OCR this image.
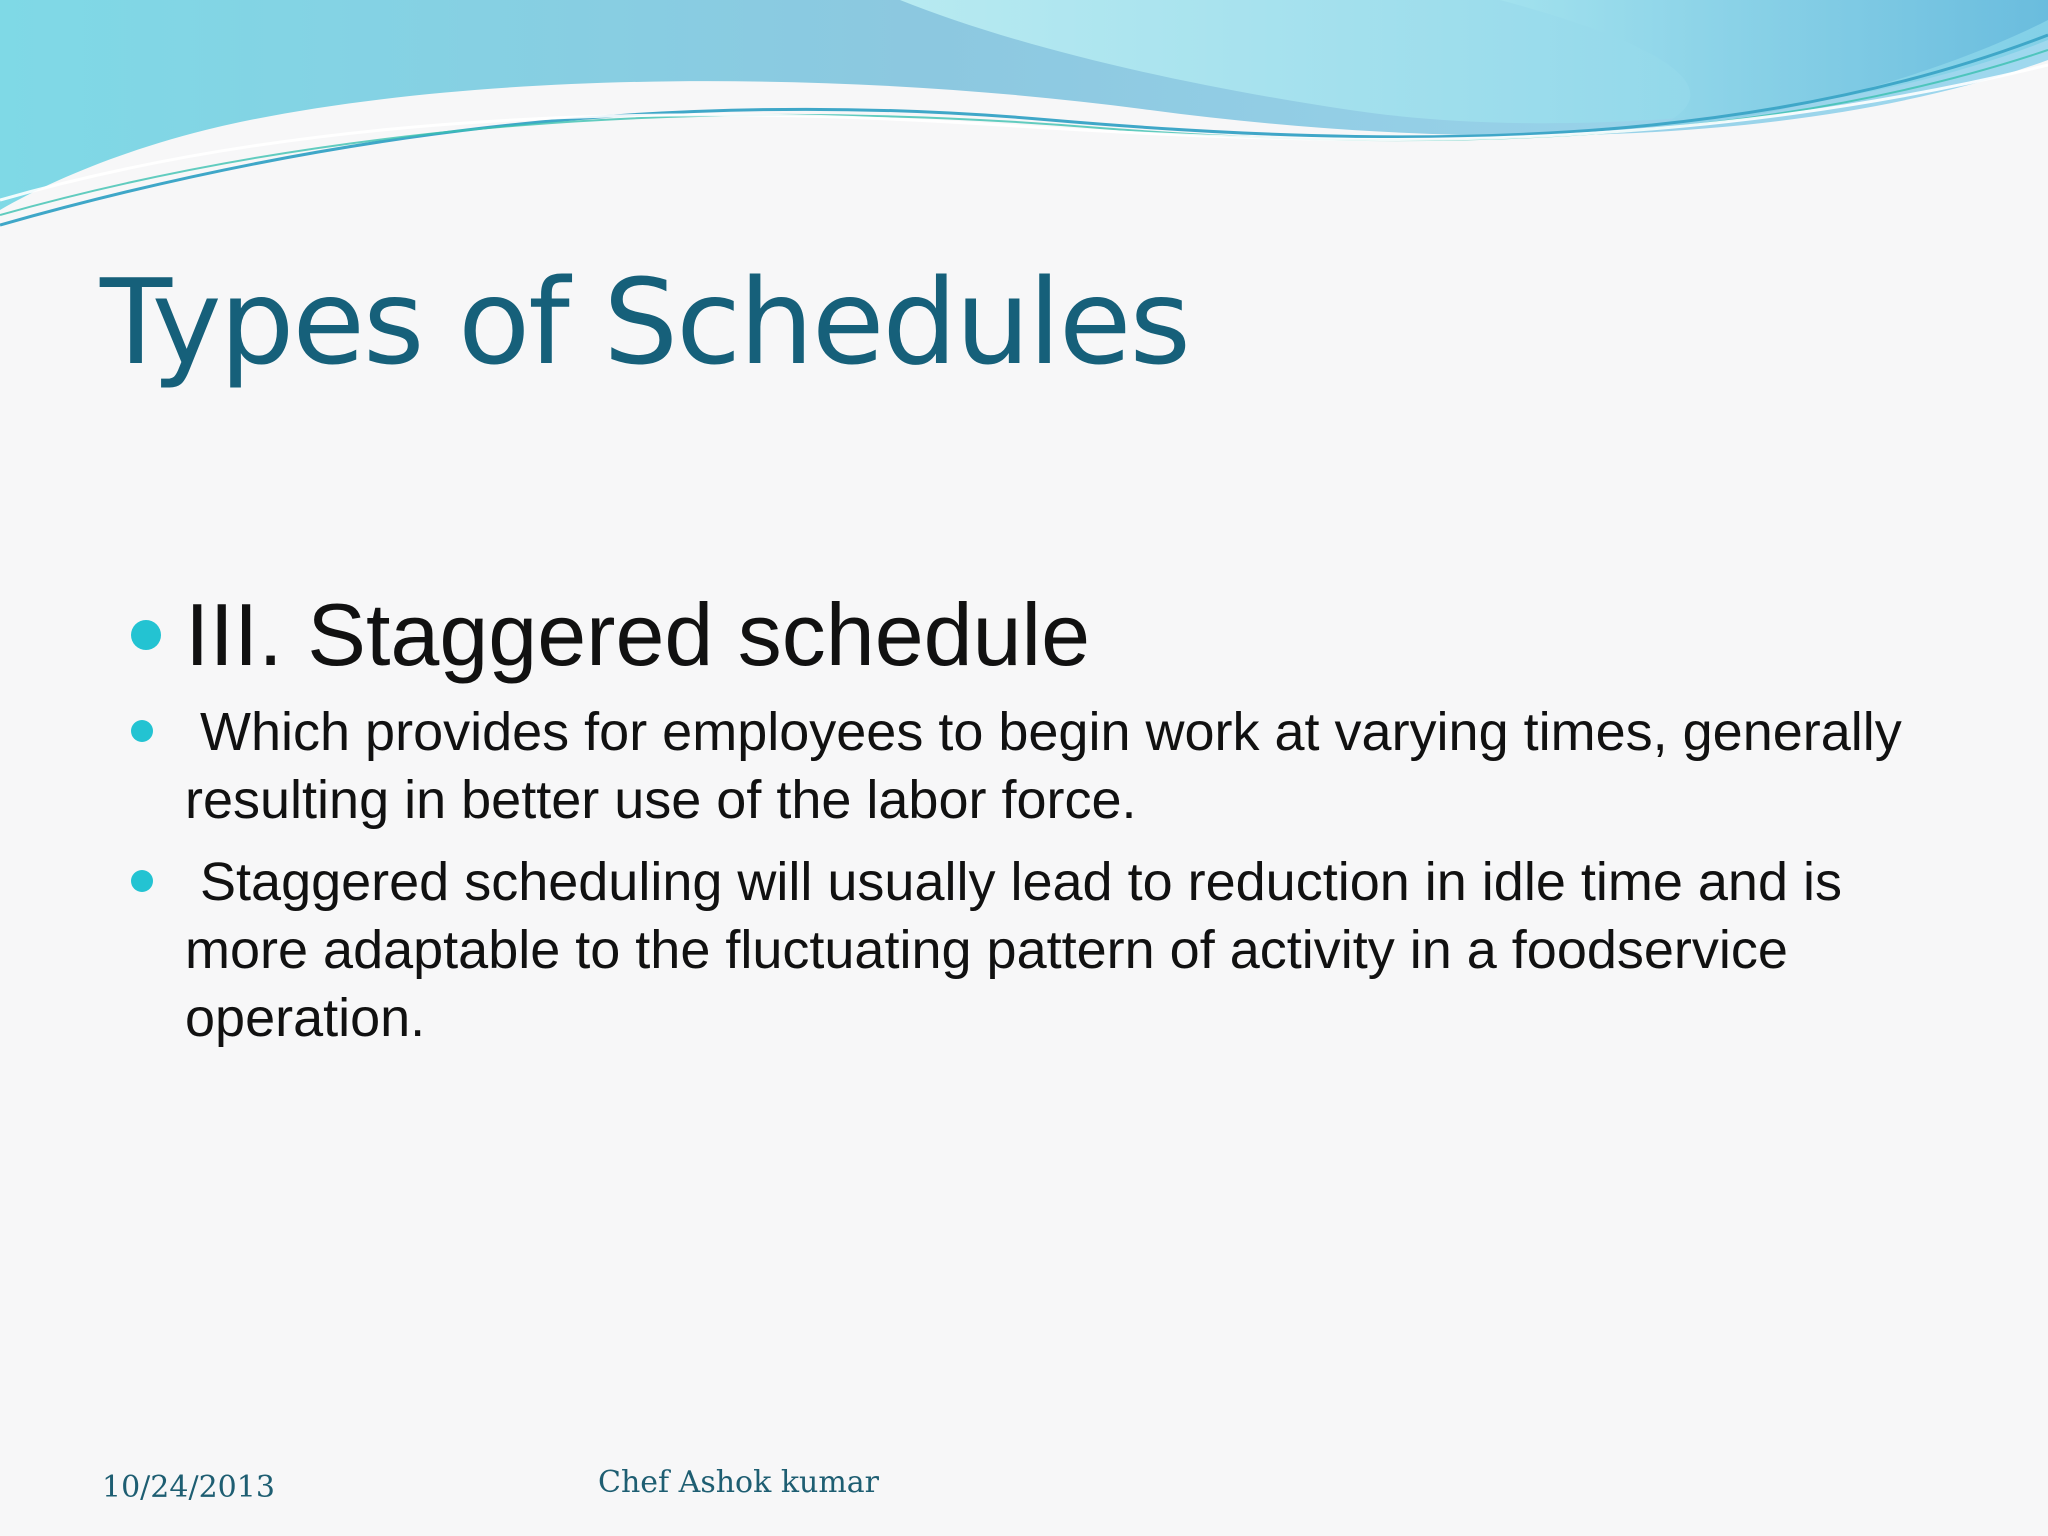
Types of Schedules
III. Staggered schedule
Which provides for employees to begin work at varying times, generally resulting in better use of the labor force.
Staggered scheduling will usually lead to reduction in idle time and is more adaptable to the fluctuating pattern of activity in a foodservice operation.
10/24/2013	Chef Ashok kumar
